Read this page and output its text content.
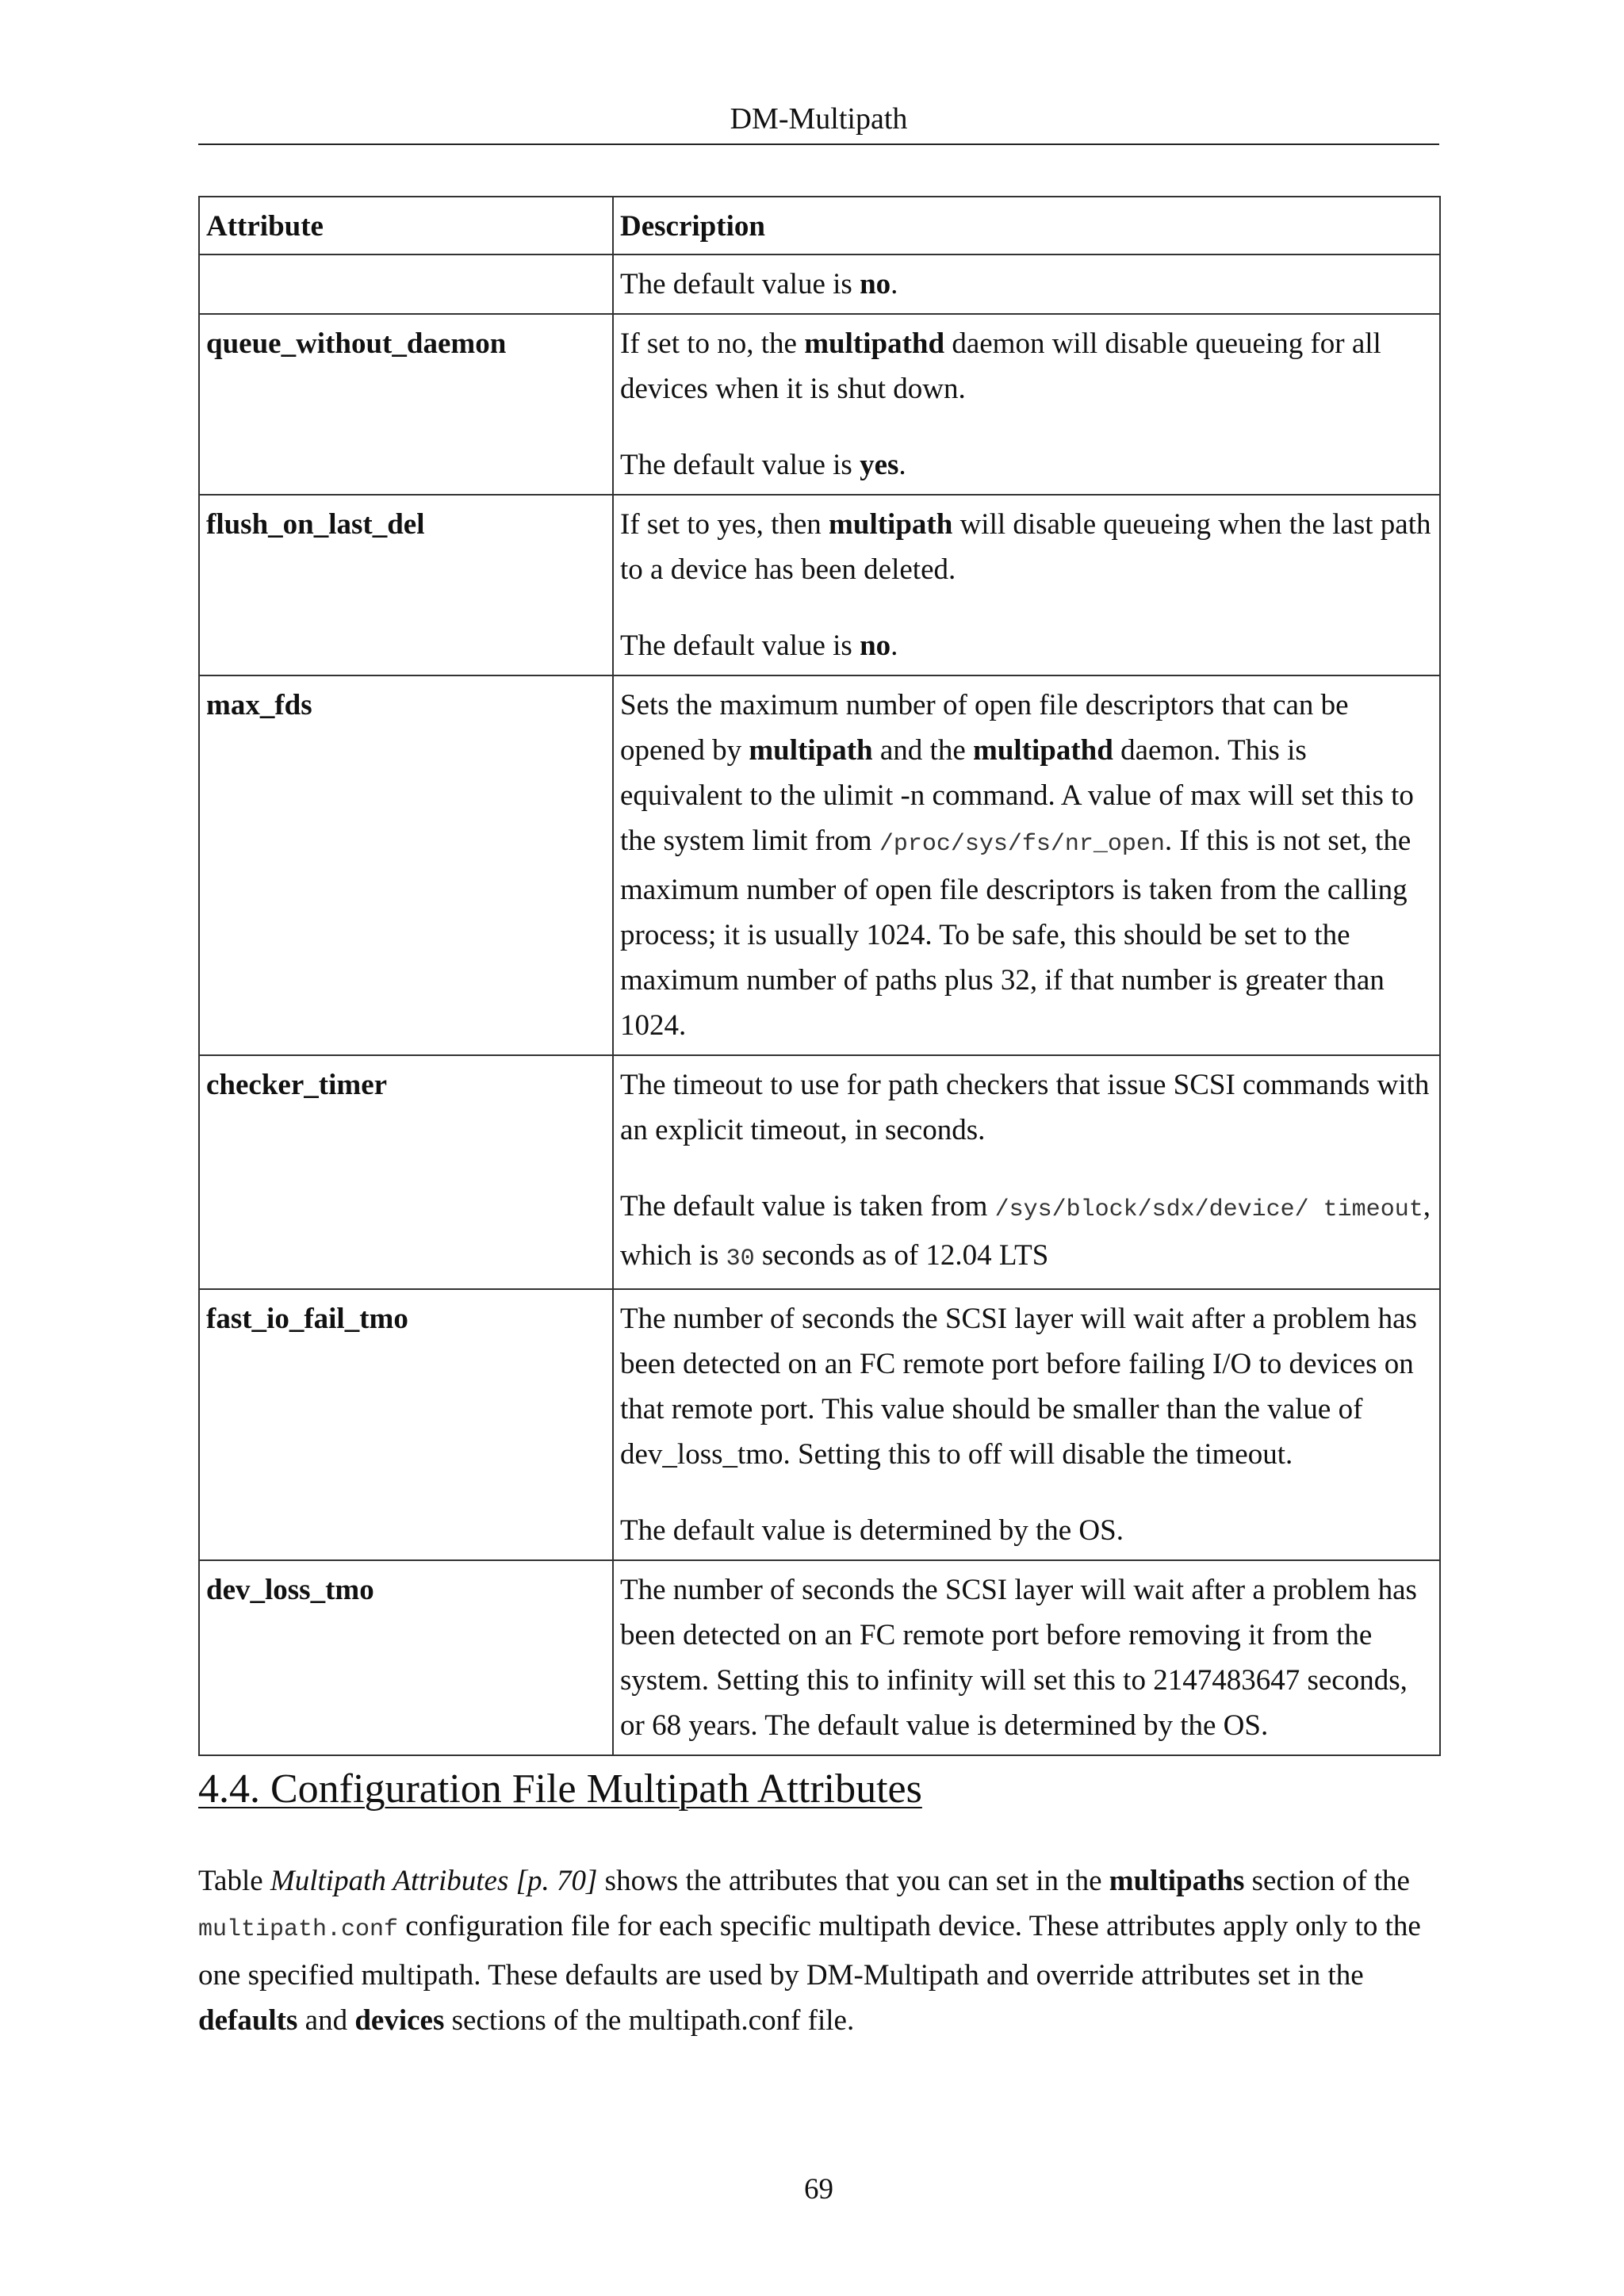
DM-Multipath
Attribute	Description

	The default value is no.

queue_without_daemon	If set to no, the multipathd daemon will disable queueing for all devices when it is shut down.

The default value is yes.

flush_on_last_del	If set to yes, then multipath will disable queueing when the last path to a device has been deleted.

The default value is no.

max_fds	Sets the maximum number of open file descriptors that can be opened by multipath and the multipathd daemon. This is equivalent to the ulimit -n command. A value of max will set this to the system limit from /proc/sys/fs/nr_open. If this is not set, the maximum number of open file descriptors is taken from the calling process; it is usually 1024. To be safe, this should be set to the maximum number of paths plus 32, if that number is greater than 1024.

checker_timer	The timeout to use for path checkers that issue SCSI commands with an explicit timeout, in seconds.

The default value is taken from /sys/block/sdx/device/ timeout, which is 30 seconds as of 12.04 LTS

fast_io_fail_tmo	The number of seconds the SCSI layer will wait after a problem has been detected on an FC remote port before failing I/O to devices on that remote port. This value should be smaller than the value of dev_loss_tmo. Setting this to off will disable the timeout.

The default value is determined by the OS.

dev_loss_tmo	The number of seconds the SCSI layer will wait after a problem has been detected on an FC remote port before removing it from the system. Setting this to infinity will set this to 2147483647 seconds, or 68 years. The default value is determined by the OS.

4.4. Configuration File Multipath Attributes

Table Multipath Attributes [p. 70] shows the attributes that you can set in the multipaths section of the multipath.conf configuration file for each specific multipath device. These attributes apply only to the one specified multipath. These defaults are used by DM-Multipath and override attributes set in the defaults and devices sections of the multipath.conf file.

69
